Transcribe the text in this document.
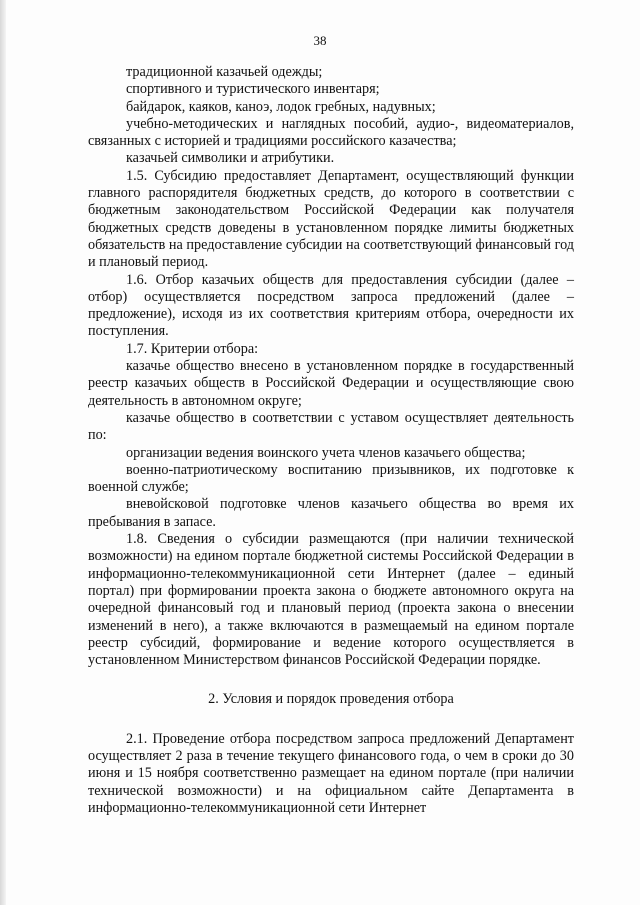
38

традиционной казачьей одежды;

спортивного и туристического инвентаря;

байдарок, каяков, каноэ, лодок гребных, надувных;

учебно-методических и наглядных пособий, аудио-, видеоматериалов, связанных с историей и традициями российского казачества;

казачьей символики и атрибутики.

1.5. Субсидию предоставляет Департамент, осуществляющий функции главного распорядителя бюджетных средств, до которого в соответствии с бюджетным законодательством Российской Федерации как получателя бюджетных средств доведены в установленном порядке лимиты бюджетных обязательств на предоставление субсидии на соответствующий финансовый год и плановый период.

1.6. Отбор казачьих обществ для предоставления субсидии (далее – отбор) осуществляется посредством запроса предложений (далее – предложение), исходя из их соответствия критериям отбора, очередности их поступления.

1.7. Критерии отбора:

казачье общество внесено в установленном порядке в государственный реестр казачьих обществ в Российской Федерации и осуществляющие свою деятельность в автономном округе;

казачье общество в соответствии с уставом осуществляет деятельность по:

организации ведения воинского учета членов казачьего общества;

военно-патриотическому воспитанию призывников, их подготовке к военной службе;

вневойсковой подготовке членов казачьего общества во время их пребывания в запасе.

1.8. Сведения о субсидии размещаются (при наличии технической возможности) на едином портале бюджетной системы Российской Федерации в информационно-телекоммуникационной сети Интернет (далее – единый портал) при формировании проекта закона о бюджете автономного округа на очередной финансовый год и плановый период (проекта закона о внесении изменений в него), а также включаются в размещаемый на едином портале реестр субсидий, формирование и ведение которого осуществляется в установленном Министерством финансов Российской Федерации порядке.

2. Условия и порядок проведения отбора

2.1. Проведение отбора посредством запроса предложений Департамент осуществляет 2 раза в течение текущего финансового года, о чем в сроки до 30 июня и 15 ноября соответственно размещает на едином портале (при наличии технической возможности) и на официальном сайте Департамента в информационно-телекоммуникационной сети Интернет
